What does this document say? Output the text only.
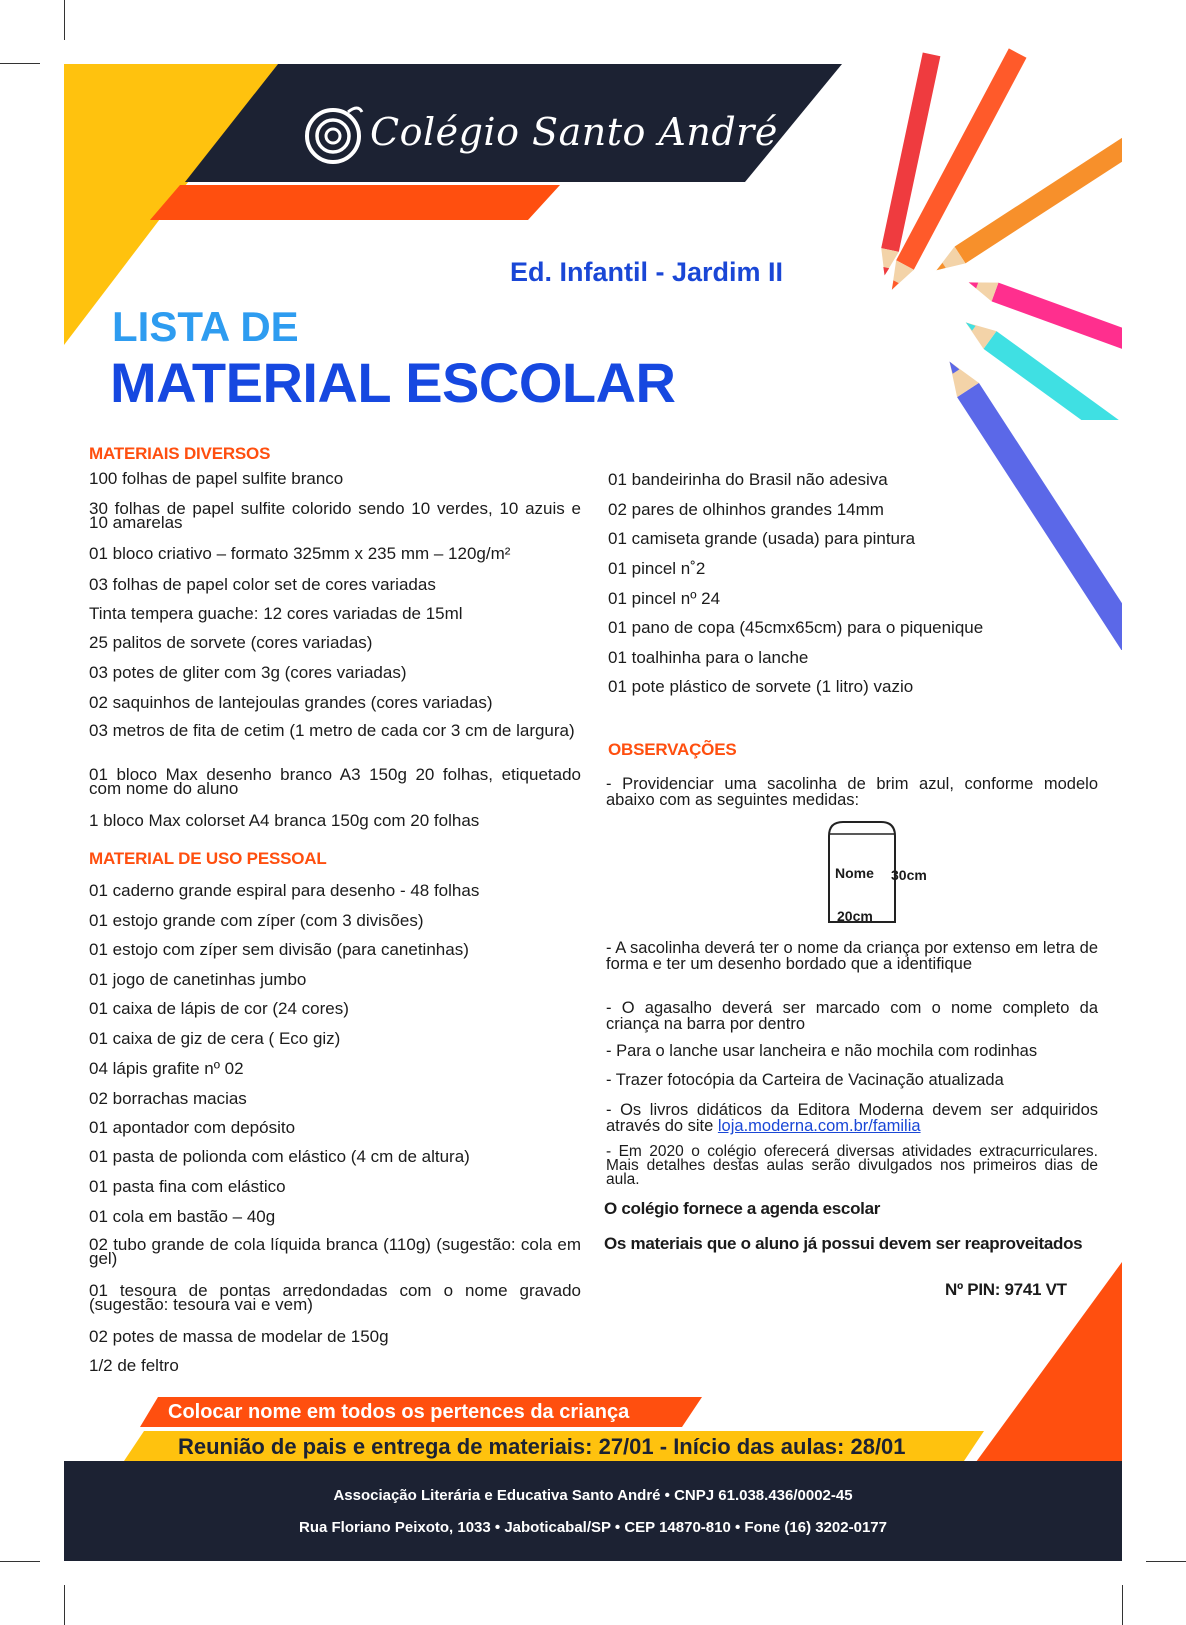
Colégio Santo André
Ed. Infantil - Jardim II
LISTA DE
MATERIAL ESCOLAR
MATERIAIS DIVERSOS
100 folhas de papel sulfite branco
30 folhas de papel sulfite colorido sendo 10 verdes, 10 azuis e 10 amarelas
01 bloco criativo – formato 325mm x 235 mm – 120g/m²
03 folhas de papel color set de cores variadas
Tinta tempera guache: 12 cores variadas de 15ml
25 palitos de sorvete (cores variadas)
03 potes de gliter com 3g (cores variadas)
02 saquinhos de lantejoulas grandes (cores variadas)
03 metros de fita de cetim (1 metro de cada cor 3 cm de largura)
01 bloco Max desenho branco A3 150g 20 folhas, etiquetado com nome do aluno
1 bloco Max colorset A4 branca 150g com 20 folhas
MATERIAL DE USO PESSOAL
01 caderno grande espiral para desenho - 48 folhas
01 estojo grande com zíper (com 3 divisões)
01 estojo com zíper sem divisão (para canetinhas)
01 jogo de canetinhas jumbo
01 caixa de lápis de cor (24 cores)
01 caixa de giz de cera ( Eco giz)
04 lápis grafite nº 02
02 borrachas macias
01 apontador com depósito
01 pasta de polionda com elástico (4 cm de altura)
01 pasta fina com elástico
01 cola em bastão – 40g
02 tubo grande de cola líquida branca (110g) (sugestão: cola em gel)
01 tesoura de pontas arredondadas com o nome gravado (sugestão: tesoura vai e vem)
02 potes de massa de modelar de 150g
1/2 de feltro
01 bandeirinha do Brasil não adesiva
02 pares de olhinhos grandes 14mm
01 camiseta grande (usada) para pintura
01 pincel n˚2
01 pincel nº 24
01 pano de copa (45cmx65cm) para o piquenique
01 toalhinha para o lanche
01 pote plástico de sorvete (1 litro) vazio
OBSERVAÇÕES
- Providenciar uma sacolinha de brim azul, conforme modelo abaixo com as seguintes medidas:
Nome 30cm
20cm
- A sacolinha deverá ter o nome da criança por extenso em letra de forma e ter um desenho bordado que a identifique
- O agasalho deverá ser marcado com o nome completo da criança na barra por dentro
- Para o lanche usar lancheira e não mochila com rodinhas
- Trazer fotocópia da Carteira de Vacinação atualizada
- Os livros didáticos da Editora Moderna devem ser adquiridos através do site loja.moderna.com.br/familia
- Em 2020 o colégio oferecerá diversas atividades extracurriculares. Mais detalhes destas aulas serão divulgados nos primeiros dias de aula.
O colégio fornece a agenda escolar
Os materiais que o aluno já possui devem ser reaproveitados
Nº PIN: 9741 VT
Colocar nome em todos os pertences da criança
Reunião de pais e entrega de materiais: 27/01 - Início das aulas: 28/01
Associação Literária e Educativa Santo André • CNPJ 61.038.436/0002-45
Rua Floriano Peixoto, 1033 • Jaboticabal/SP • CEP 14870-810 • Fone (16) 3202-0177
